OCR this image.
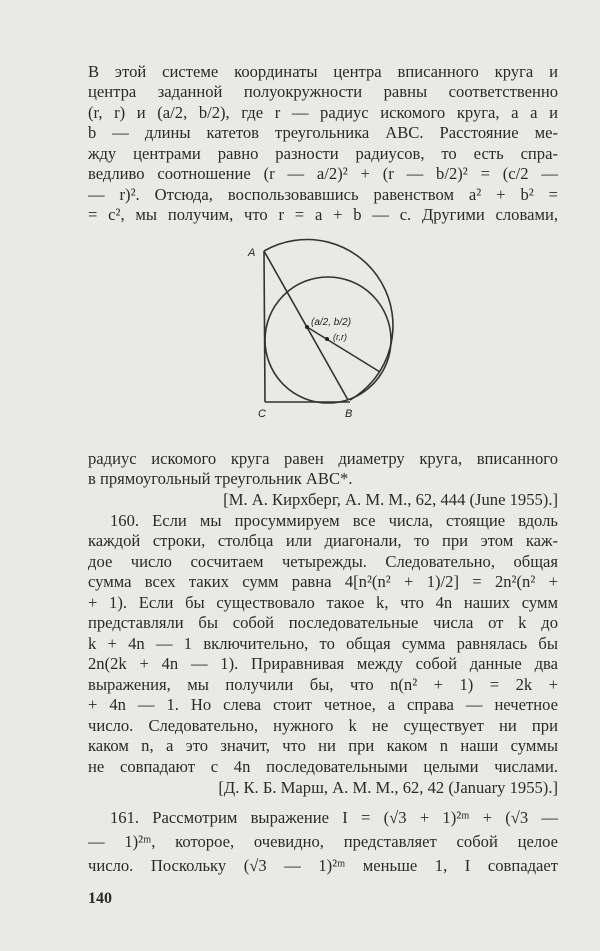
В этой системе координаты центра вписанного круга и
центра заданной полуокружности равны соответственно
(r, r) и (a/2, b/2), где r — радиус искомого круга, а a и
b — длины катетов треугольника ABC. Расстояние ме-
жду центрами равно разности радиусов, то есть спра-
ведливо соотношение (r — a/2)² + (r — b/2)² = (c/2 —
— r)². Отсюда, воспользовавшись равенством a² + b² =
= c², мы получим, что r = a + b — c. Другими словами,
A
C	B
(a/2, b/2)
(r,r)
радиус искомого круга равен диаметру круга, вписанного
в прямоугольный треугольник ABC*.
[М. А. Кирхберг, A. M. M., 62, 444 (June 1955).]
160. Если мы просуммируем все числа, стоящие вдоль
каждой строки, столбца или диагонали, то при этом каж-
дое число сосчитаем четырежды. Следовательно, общая
сумма всех таких сумм равна 4[n²(n² + 1)/2] = 2n²(n² +
+ 1). Если бы существовало такое k, что 4n наших сумм
представляли бы собой последовательные числа от k до
k + 4n — 1 включительно, то общая сумма равнялась бы
2n(2k + 4n — 1). Приравнивая между собой данные два
выражения, мы получили бы, что n(n² + 1) = 2k +
+ 4n — 1. Но слева стоит четное, а справа — нечетное
число. Следовательно, нужного k не существует ни при
каком n, а это значит, что ни при каком n наши суммы
не совпадают с 4n последовательными целыми числами.
[Д. К. Б. Марш, A. M. M., 62, 42 (January 1955).]
161. Рассмотрим выражение I = (√3 + 1)²ᵐ + (√3 —
— 1)²ᵐ, которое, очевидно, представляет собой целое
число. Поскольку (√3 — 1)²ᵐ меньше 1, I совпадает
140
